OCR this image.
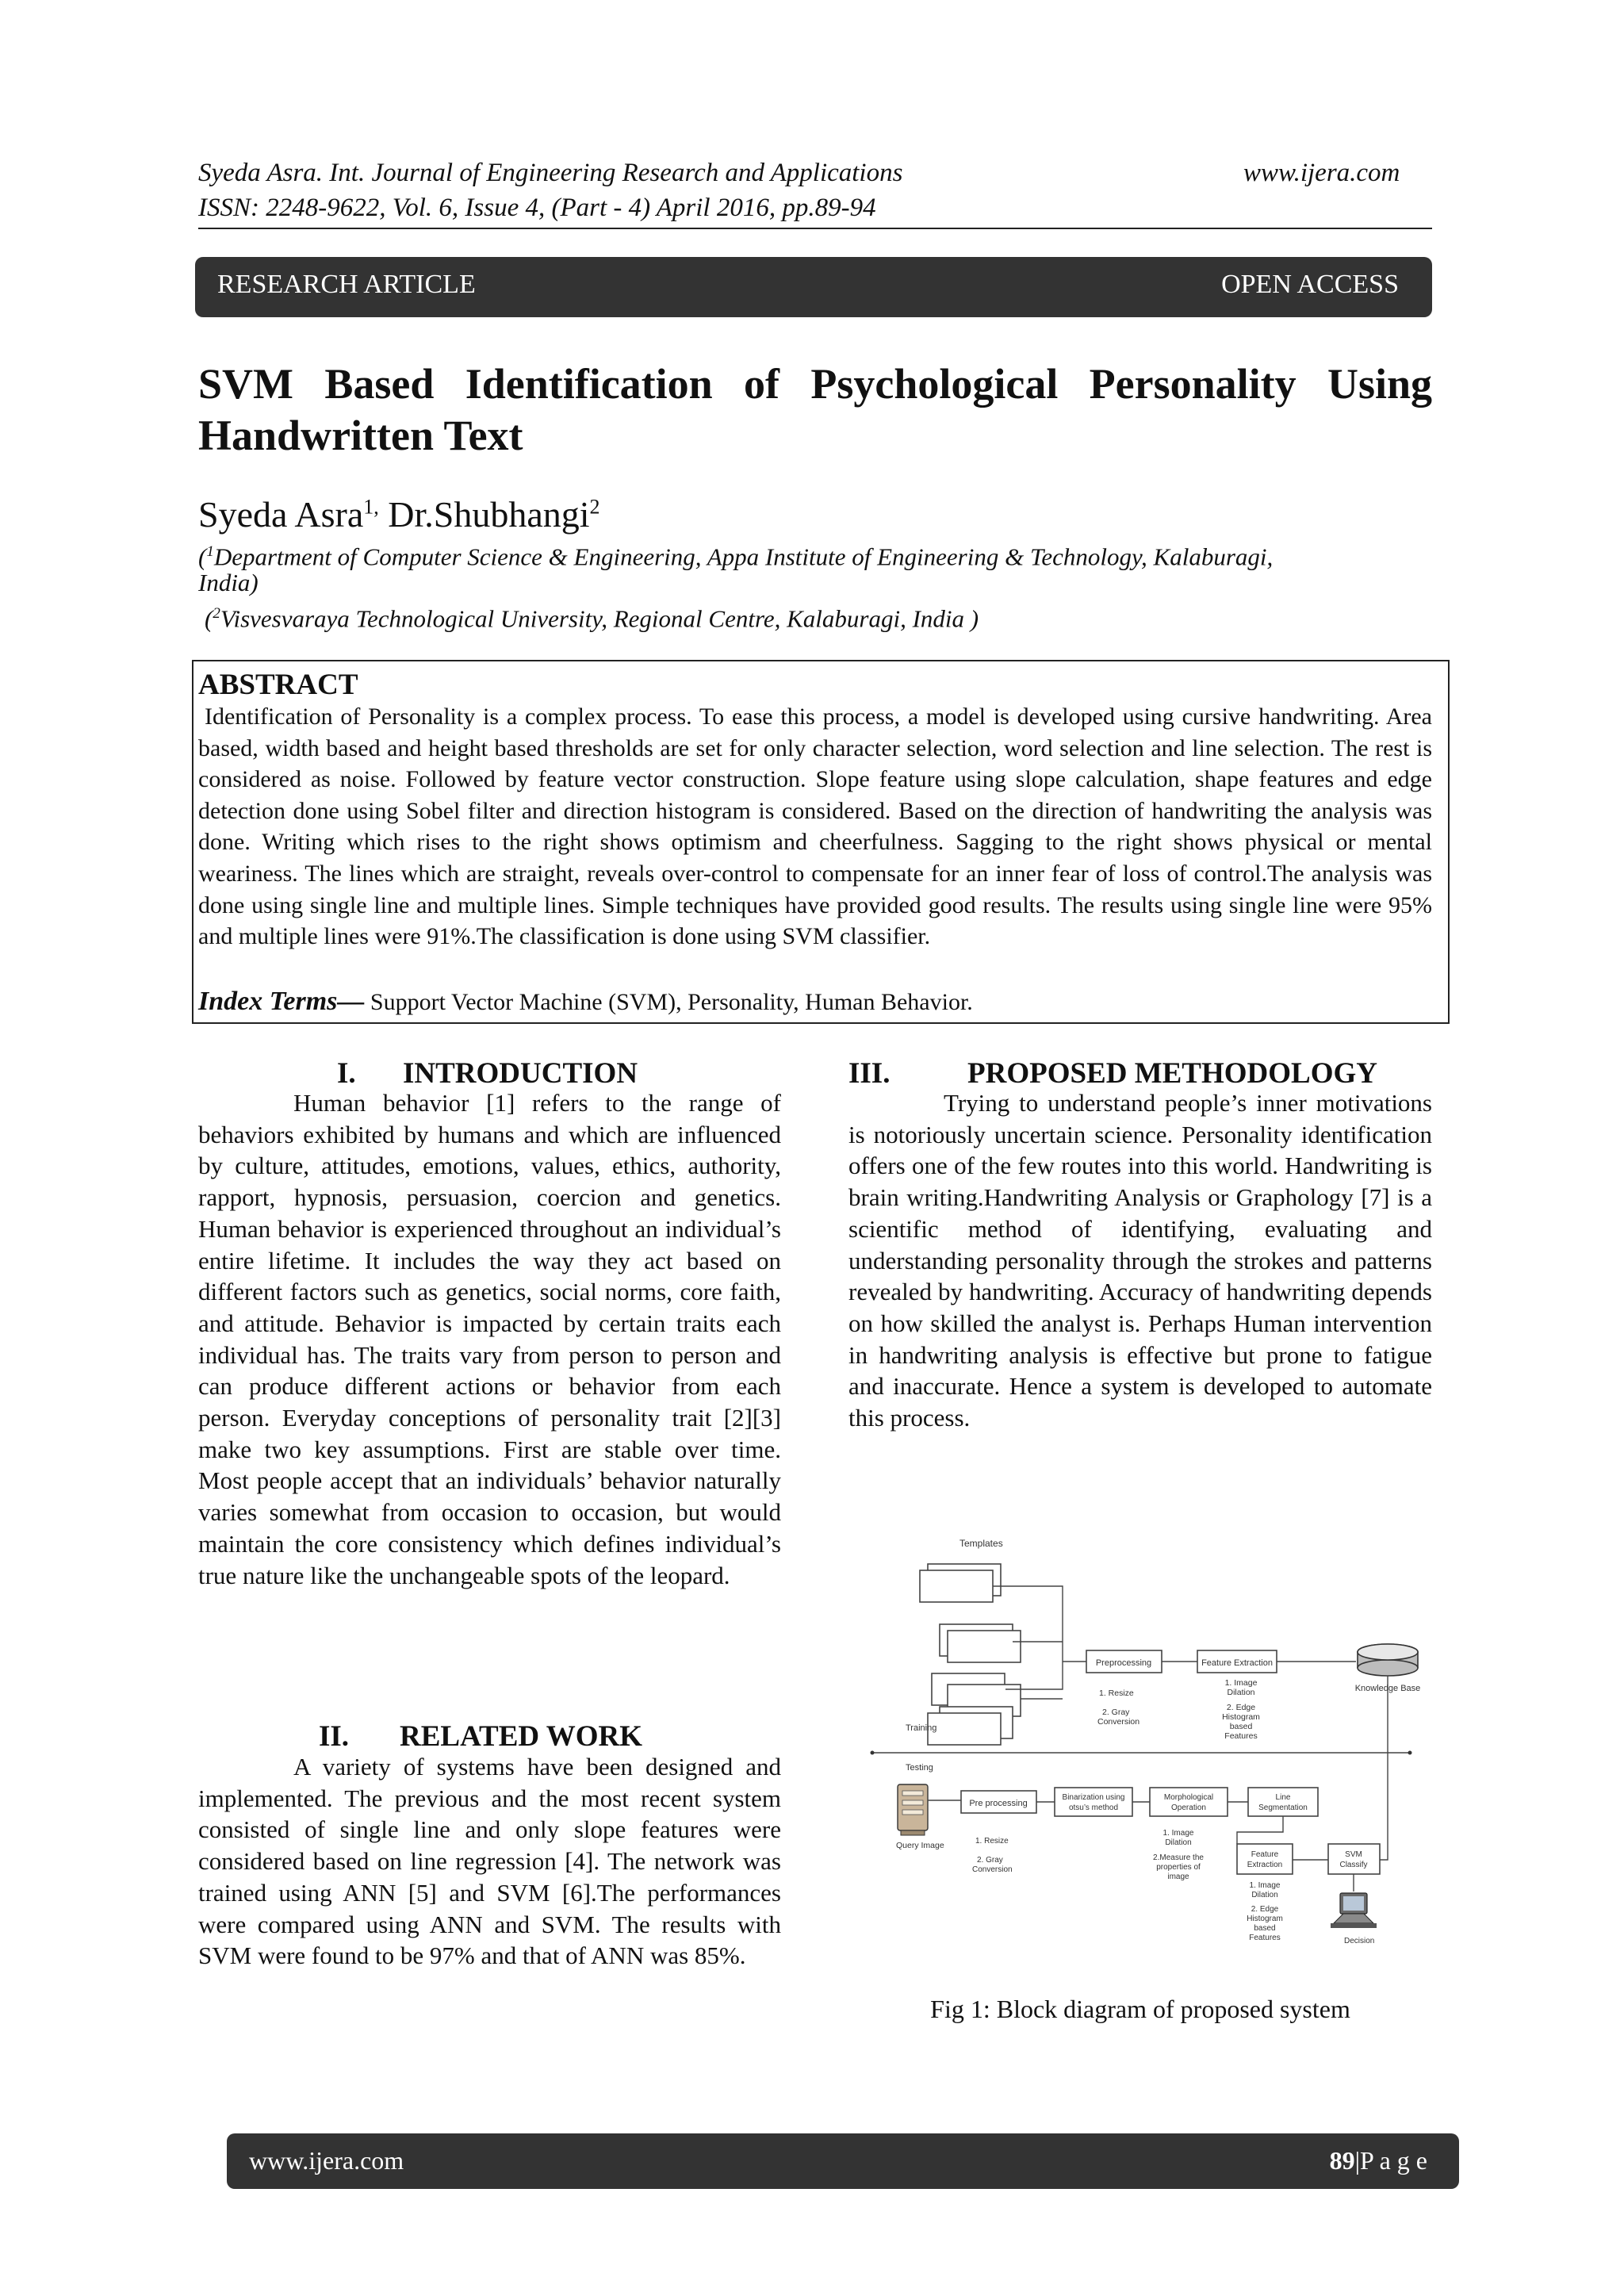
Syeda Asra. Int. Journal of Engineering Research and Applications	www.ijera.com
ISSN: 2248-9622, Vol. 6, Issue 4, (Part - 4) April 2016, pp.89-94
RESEARCH ARTICLE	OPEN ACCESS
SVM Based Identification of Psychological Personality Using
Handwritten Text
Syeda Asra$^{1,}$ Dr.Shubhangi$^2$
($^1$Department of Computer Science & Engineering, Appa Institute of Engineering & Technology, Kalaburagi,
India)
($^2$Visvesvaraya Technological University, Regional Centre, Kalaburagi, India )
ABSTRACT
Identification of Personality is a complex process. To ease this process, a model is developed using cursive handwriting. Area based, width based and height based thresholds are set for only character selection, word selection and line selection. The rest is considered as noise. Followed by feature vector construction. Slope feature using slope calculation, shape features and edge detection done using Sobel filter and direction histogram is considered. Based on the direction of handwriting the analysis was done. Writing which rises to the right shows optimism and cheerfulness. Sagging to the right shows physical or mental weariness. The lines which are straight, reveals over-control to compensate for an inner fear of loss of control.The analysis was done using single line and multiple lines. Simple techniques have provided good results. The results using single line were 95% and multiple lines were 91%.The classification is done using SVM classifier.
Index Terms— Support Vector Machine (SVM), Personality, Human Behavior.
I. INTRODUCTION

Human behavior [1] refers to the range of behaviors exhibited by humans and which are influenced by culture, attitudes, emotions, values, ethics, authority, rapport, hypnosis, persuasion, coercion and genetics. Human behavior is experienced throughout an individual’s entire lifetime. It includes the way they act based on different factors such as genetics, social norms, core faith, and attitude. Behavior is impacted by certain traits each individual has. The traits vary from person to person and can produce different actions or behavior from each person. Everyday conceptions of personality trait [2][3] make two key assumptions. First are stable over time. Most people accept that an individuals’ behavior naturally varies somewhat from occasion to occasion, but would maintain the core consistency which defines individual’s true nature like the unchangeable spots of the leopard.

II. RELATED WORK

A variety of systems have been designed and implemented. The previous and the most recent system consisted of single line and only slope features were considered based on line regression [4]. The network was trained using ANN [5] and SVM [6].The performances were compared using ANN and SVM. The results with SVM were found to be 97% and that of ANN was 85%.

III.	PROPOSED METHODOLOGY

Trying to understand people’s inner motivations is notoriously uncertain science. Personality identification offers one of the few routes into this world. Handwriting is brain writing.Handwriting Analysis or Graphology [7] is a scientific method of identifying, evaluating and understanding personality through the strokes and patterns revealed by handwriting. Accuracy of handwriting depends on how skilled the analyst is. Perhaps Human intervention in handwriting analysis is effective but prone to fatigue and inaccurate. Hence a system is developed to automate this process.

Templates
Preprocessing	Feature Extraction
Knowledge Base
1. Resize
2. Gray
Conversion
1. Image
Dilation
2. Edge
Histogram
based
Features
Training
Testing
Query Image
Pre processing
Binarization using
otsu’s method
Morphological
Operation
Line
Segmentation
Feature
Extraction
SVM
Classify
Decision
1. Resize
2. Gray
Conversion
1. Image
Dilation
2.Measure the
properties of
image
1. Image
Dilation
2. Edge
Histogram
based
Features
Fig 1: Block diagram of proposed system
www.ijera.com	89|P a g e
